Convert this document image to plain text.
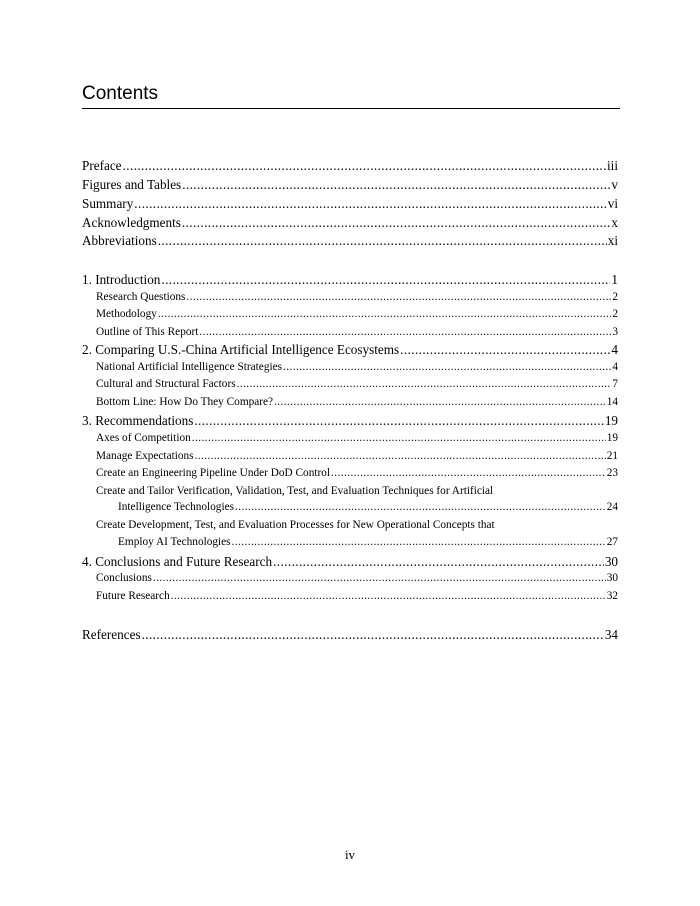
Contents
Preface .....	iii
Figures and Tables .....	v
Summary .....	vi
Acknowledgments .....	x
Abbreviations .....	xi
1. Introduction .....	1
Research Questions .....	2
Methodology .....	2
Outline of This Report .....	3
2. Comparing U.S.-China Artificial Intelligence Ecosystems .....	4
National Artificial Intelligence Strategies .....	4
Cultural and Structural Factors .....	7
Bottom Line: How Do They Compare? .....	14
3. Recommendations .....	19
Axes of Competition .....	19
Manage Expectations .....	21
Create an Engineering Pipeline Under DoD Control .....	23
Create and Tailor Verification, Validation, Test, and Evaluation Techniques for Artificial
Intelligence Technologies .....	24
Create Development, Test, and Evaluation Processes for New Operational Concepts that
Employ AI Technologies .....	27
4. Conclusions and Future Research .....	30
Conclusions .....	30
Future Research .....	32
References .....	34
iv
